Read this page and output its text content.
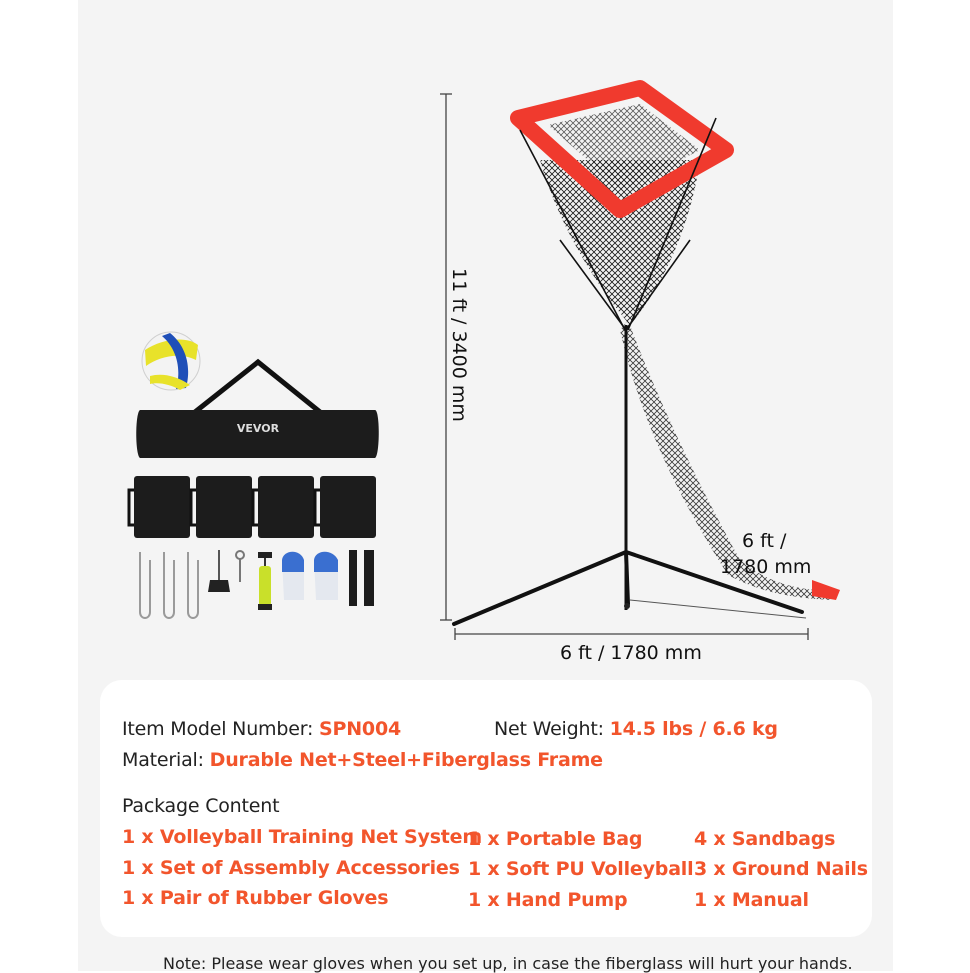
VEVOR
11 ft / 3400 mm
6 ft / 1780 mm
6 ft /
1780 mm
Item Model Number: SPN004	Net Weight: 14.5 lbs / 6.6 kg
Material: Durable Net+Steel+Fiberglass Frame
Package Content
1 x Volleyball Training Net System
1 x Set of Assembly Accessories
1 x Pair of Rubber Gloves
1 x Portable Bag
1 x Soft PU Volleyball
1 x Hand Pump
4 x Sandbags
3 x Ground Nails
1 x Manual
Note: Please wear gloves when you set up, in case the fiberglass will hurt your hands.
